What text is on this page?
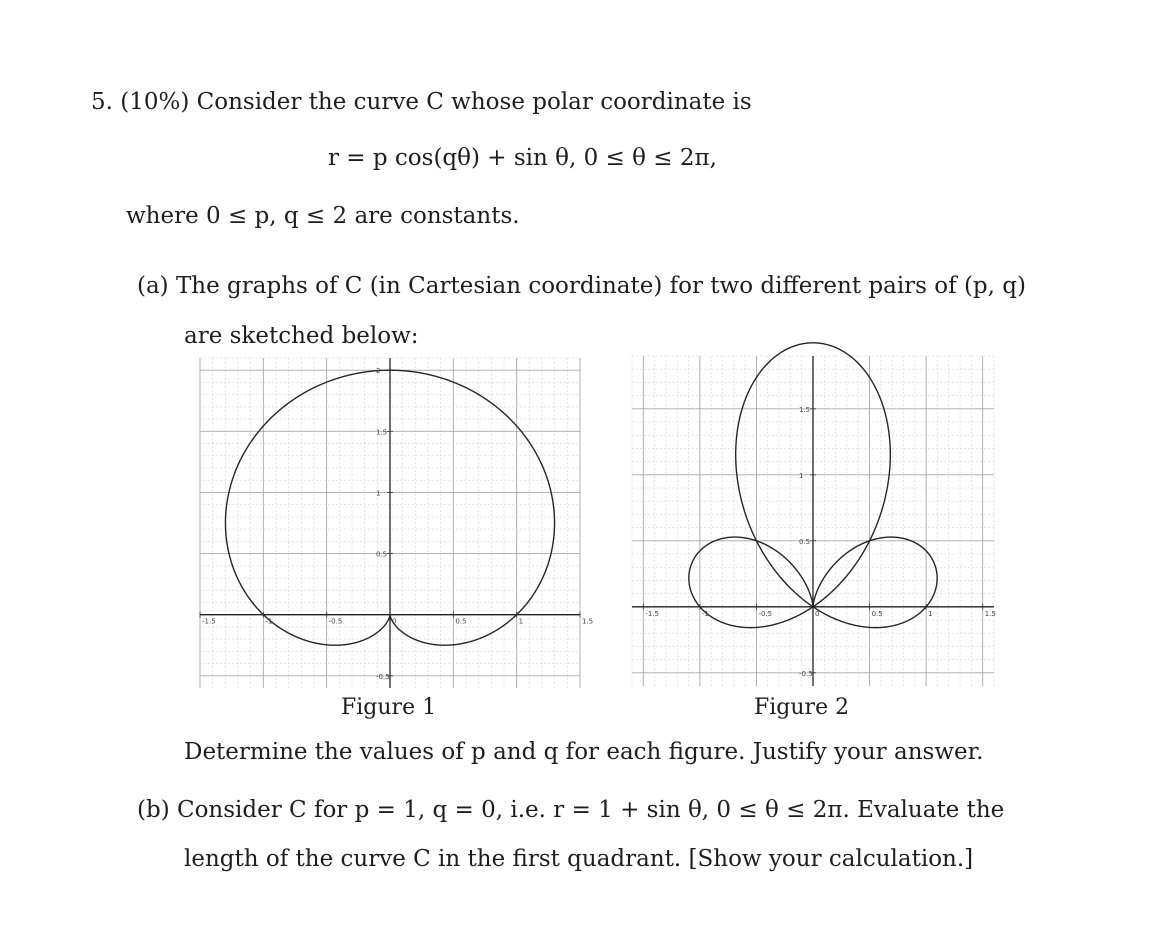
5. (10%) Consider the curve C whose polar coordinate is
r = p cos(qθ) + sin θ, 0 ≤ θ ≤ 2π,
where 0 ≤ p, q ≤ 2 are constants.
(a) The graphs of C (in Cartesian coordinate) for two different pairs of (p, q)
are sketched below:
-1.5	-1	-0.5	0	0.5	1	1.5
-0.5
0.5
1
1.5
2
-1.5	-1	-0.5	0	0.5	1	1.5
-0.5
0.5
1
1.5
Figure 1	Figure 2
Determine the values of p and q for each figure. Justify your answer.
(b) Consider C for p = 1, q = 0, i.e. r = 1 + sin θ, 0 ≤ θ ≤ 2π. Evaluate the
length of the curve C in the first quadrant. [Show your calculation.]
